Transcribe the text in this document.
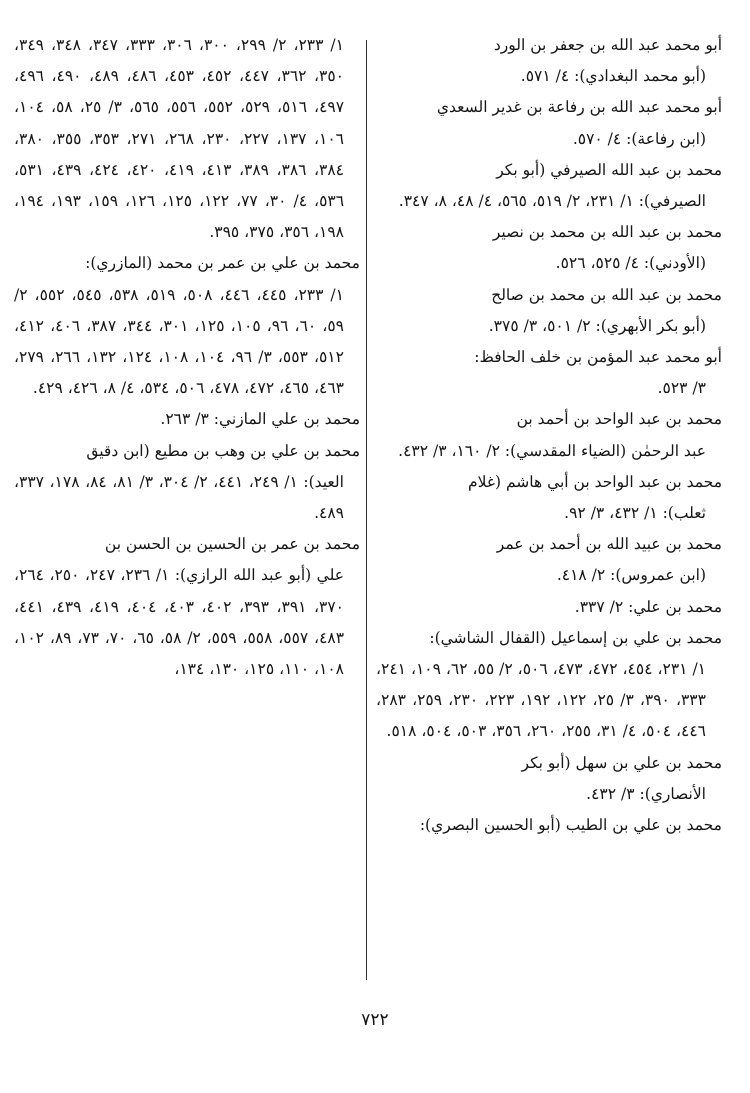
أبو محمد عبد الله بن جعفر بن الورد
(أبو محمد البغدادي): ٤/ ٥٧١.
أبو محمد عبد الله بن رفاعة بن غدير السعدي
(ابن رفاعة): ٤/ ٥٧٠.
محمد بن عبد الله الصيرفي (أبو بكر
الصيرفي): ١/ ٢٣١، ٢/ ٥١٩، ٥٦٥، ٤/ ٤٨، ٨، ٣٤٧.
محمد بن عبد الله بن محمد بن نصير
(الأودني): ٤/ ٥٢٥، ٥٢٦.
محمد بن عبد الله بن محمد بن صالح
(أبو بكر الأبهري): ٢/ ٥٠١، ٣/ ٣٧٥.
أبو محمد عبد المؤمن بن خلف الحافظ:
٣/ ٥٢٣.
محمد بن عبد الواحد بن أحمد بن
عبد الرحمٰن (الضياء المقدسي): ٢/ ١٦٠، ٣/ ٤٣٢.
محمد بن عبد الواحد بن أبي هاشم (غلام
ثعلب): ١/ ٤٣٢، ٣/ ٩٢.
محمد بن عبيد الله بن أحمد بن عمر
(ابن عمروس): ٢/ ٤١٨.
محمد بن علي: ٢/ ٣٣٧.
محمد بن علي بن إسماعيل (القفال الشاشي):
١/ ٢٣١، ٤٥٤، ٤٧٢، ٤٧٣، ٥٠٦، ٢/ ٥٥، ٦٢، ١٠٩، ٢٤١، ٣٣٣، ٣٩٠، ٣/ ٢٥، ١٢٢، ١٩٢، ٢٢٣، ٢٣٠، ٢٥٩، ٢٨٣، ٤٤٦، ٥٠٤، ٤/ ٣١، ٢٥٥، ٢٦٠، ٣٥٦، ٥٠٣، ٥٠٤، ٥١٨.
محمد بن علي بن سهل (أبو بكر
الأنصاري): ٣/ ٤٣٢.
محمد بن علي بن الطيب (أبو الحسين البصري):
١/ ٢٣٣، ٢/ ٢٩٩، ٣٠٠، ٣٠٦، ٣٣٣، ٣٤٧، ٣٤٨، ٣٤٩، ٣٥٠، ٣٦٢، ٤٤٧، ٤٥٢، ٤٥٣، ٤٨٦، ٤٨٩، ٤٩٠، ٤٩٦، ٤٩٧، ٥١٦، ٥٢٩، ٥٥٢، ٥٥٦، ٥٦٥، ٣/ ٢٥، ٥٨، ١٠٤، ١٠٦، ١٣٧، ٢٢٧، ٢٣٠، ٢٦٨، ٢٧١، ٣٥٣، ٣٥٥، ٣٨٠، ٣٨٤، ٣٨٦، ٣٨٩، ٤١٣، ٤١٩، ٤٢٠، ٤٢٤، ٤٣٩، ٥٣١، ٥٣٦، ٤/ ٣٠، ٧٧، ١٢٢، ١٢٥، ١٢٦، ١٥٩، ١٩٣، ١٩٤، ١٩٨، ٣٥٦، ٣٧٥، ٣٩٥.
محمد بن علي بن عمر بن محمد (المازري):
١/ ٢٣٣، ٤٤٥، ٤٤٦، ٥٠٨، ٥١٩، ٥٣٨، ٥٤٥، ٥٥٢، ٢/ ٥٩، ٦٠، ٩٦، ١٠٥، ١٢٥، ٣٠١، ٣٤٤، ٣٨٧، ٤٠٦، ٤١٢، ٥١٢، ٥٥٣، ٣/ ٩٦، ١٠٤، ١٠٨، ١٢٤، ١٣٢، ٢٦٦، ٢٧٩، ٤٦٣، ٤٦٥، ٤٧٢، ٤٧٨، ٥٠٦، ٥٣٤، ٤/ ٨، ٤٢٦، ٤٢٩.
محمد بن علي المازني: ٣/ ٢٦٣.
محمد بن علي بن وهب بن مطيع (ابن دقيق
العيد): ١/ ٢٤٩، ٤٤١، ٢/ ٣٠٤، ٣/ ٨١، ٨٤، ١٧٨، ٣٣٧، ٤٨٩.
محمد بن عمر بن الحسين بن الحسن بن
علي (أبو عبد الله الرازي): ١/ ٢٣٦، ٢٤٧، ٢٥٠، ٢٦٤، ٣٧٠، ٣٩١، ٣٩٣، ٤٠٢، ٤٠٣، ٤٠٤، ٤١٩، ٤٣٩، ٤٤١، ٤٨٣، ٥٥٧، ٥٥٨، ٥٥٩، ٢/ ٥٨، ٦٥، ٧٠، ٧٣، ٨٩، ١٠٢، ١٠٨، ١١٠، ١٢٥، ١٣٠، ١٣٤،
٧٢٢
